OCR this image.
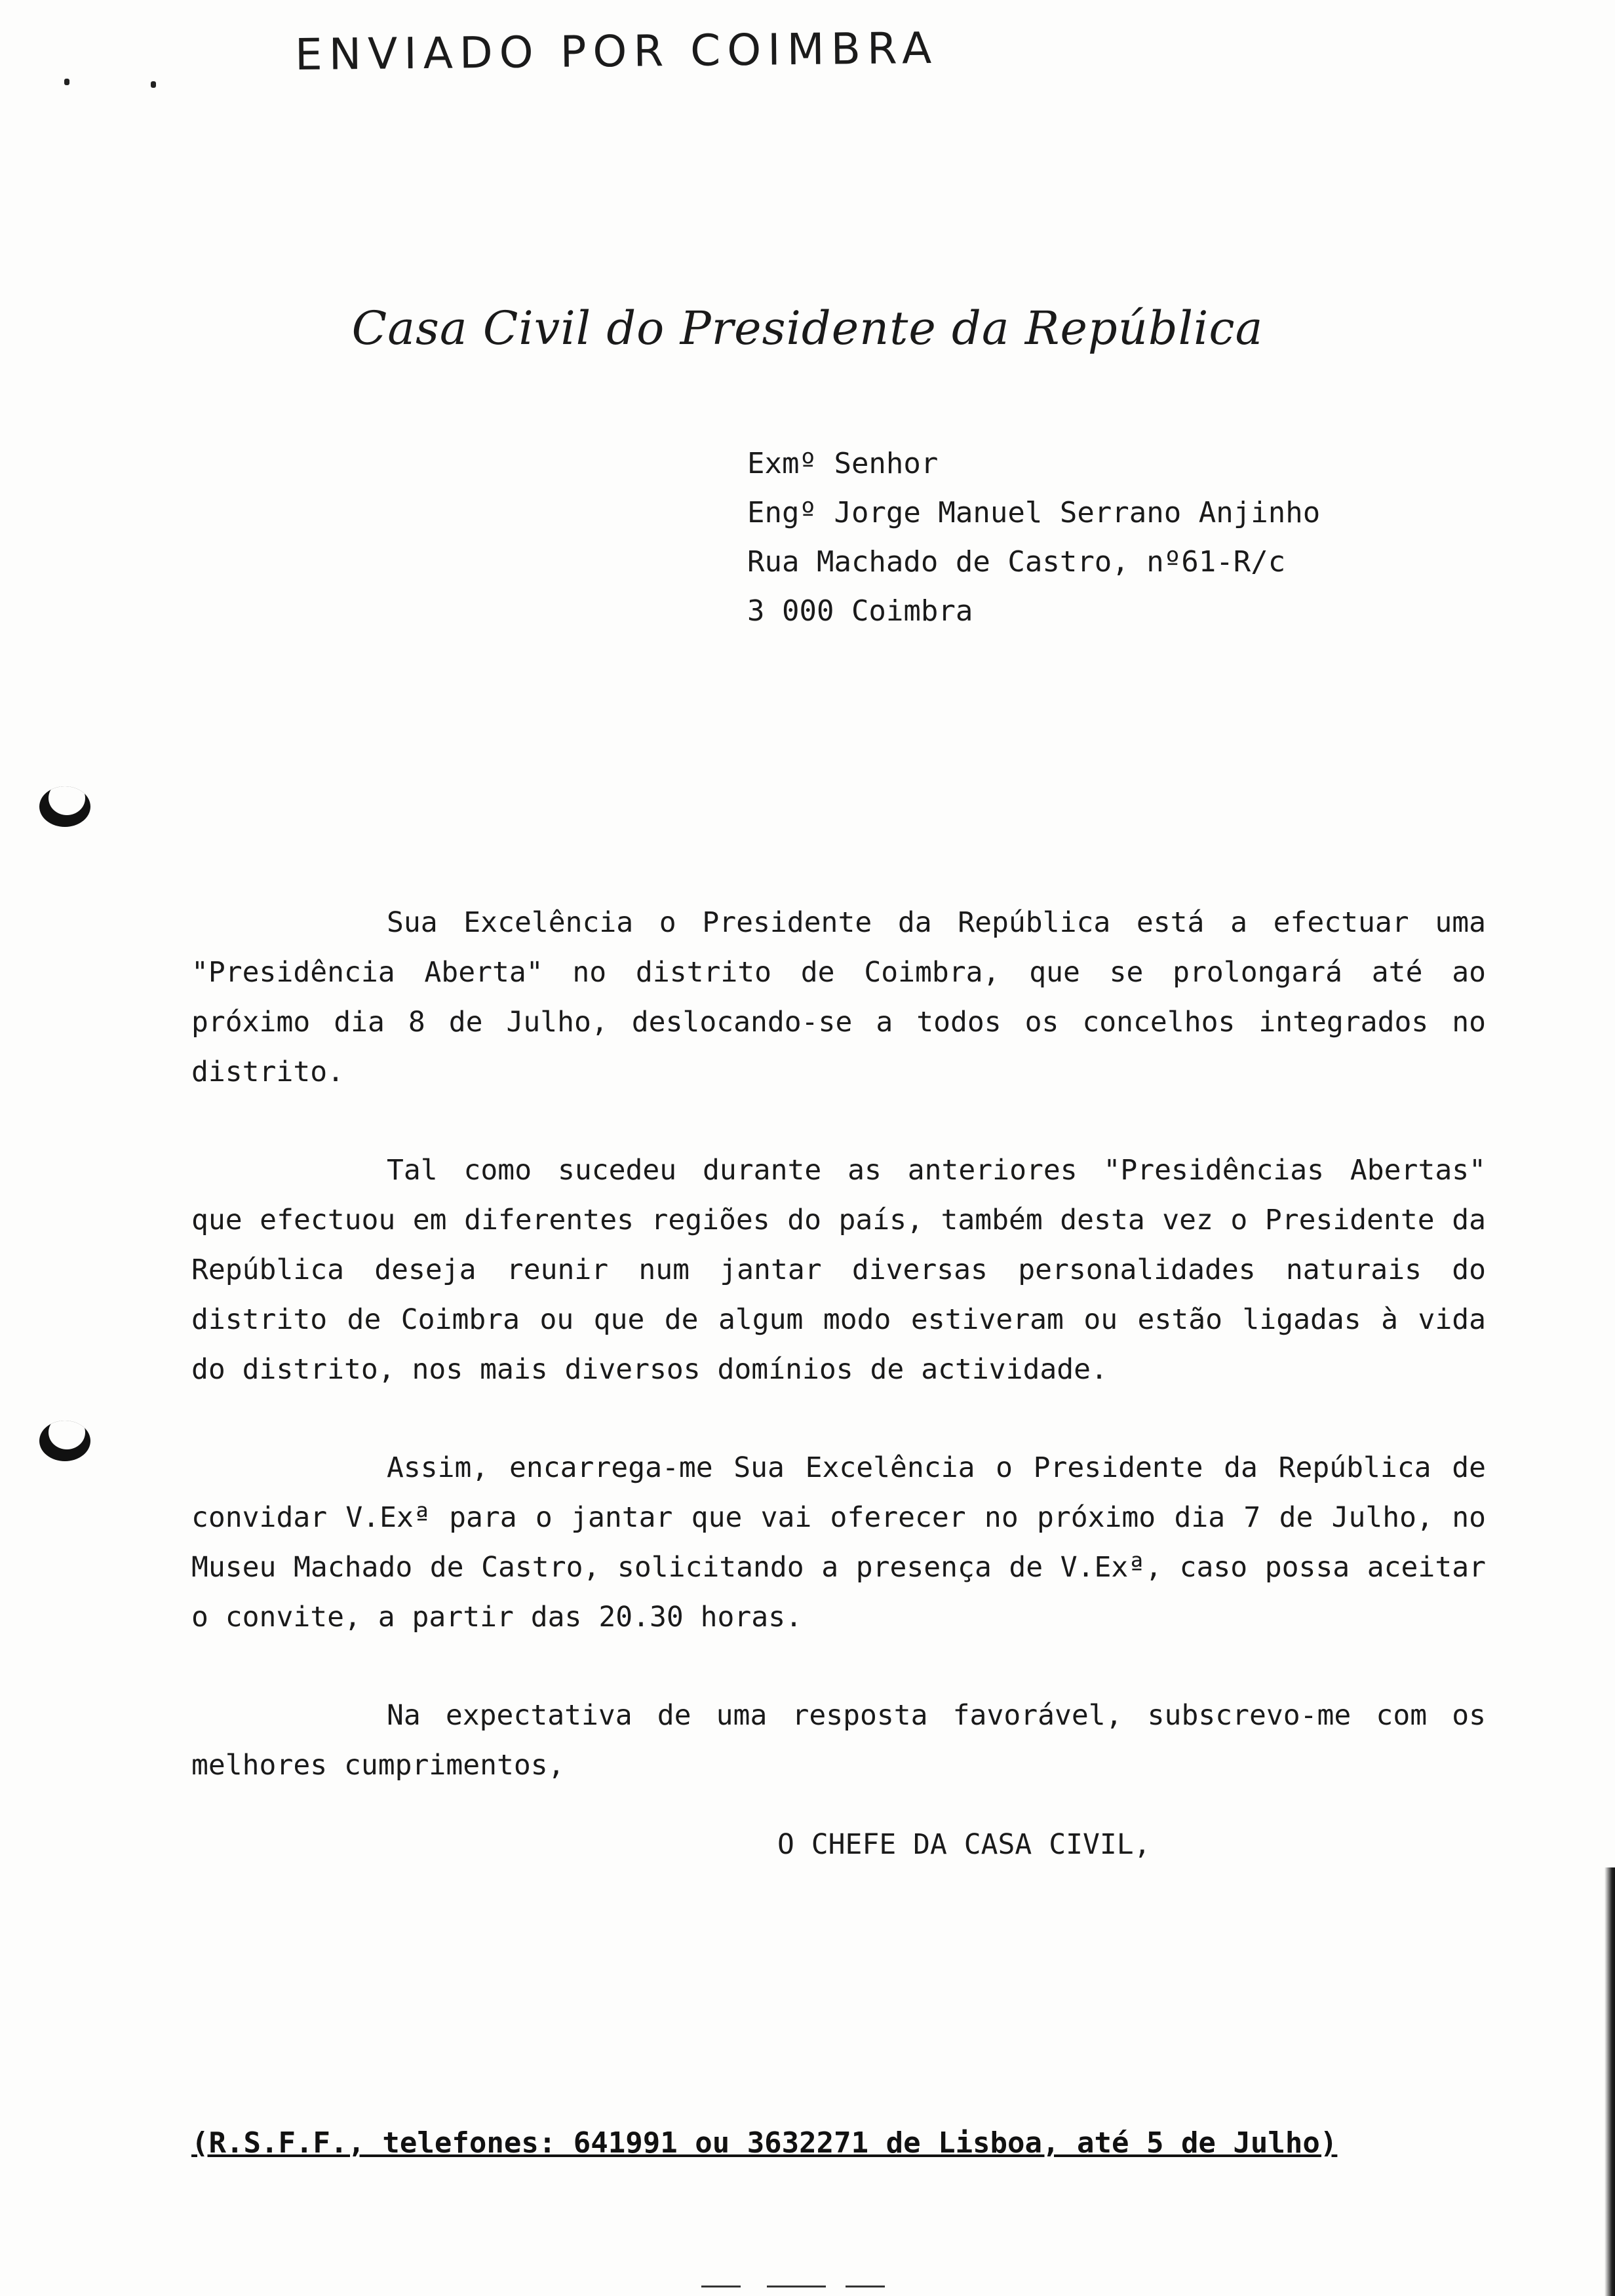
ENVIADO POR COIMBRA
Casa Civil do Presidente da República
Exmº Senhor
Engº Jorge Manuel Serrano Anjinho
Rua Machado de Castro, nº61-R/c
3 000 Coimbra

Sua Excelência o Presidente da República está a efectuar uma "Presidência Aberta" no distrito de Coimbra, que se prolongará até ao próximo dia 8 de Julho, deslocando-se a todos os concelhos integrados no distrito.

Tal como sucedeu durante as anteriores "Presidências Abertas" que efectuou em diferentes regiões do país, também desta vez o Presidente da República deseja reunir num jantar diversas personalidades naturais do distrito de Coimbra ou que de algum modo estiveram ou estão ligadas à vida do distrito, nos mais diversos domínios de actividade.

Assim, encarrega-me Sua Excelência o Presidente da República de convidar V.Exª para o jantar que vai oferecer no próximo dia 7 de Julho, no Museu Machado de Castro, solicitando a presença de V.Exª, caso possa aceitar o convite, a partir das 20.30 horas.

Na expectativa de uma resposta favorável, subscrevo-me com os melhores cumprimentos,

O CHEFE DA CASA CIVIL,
(R.S.F.F., telefones: 641991 ou 3632271 de Lisboa, até 5 de Julho)
